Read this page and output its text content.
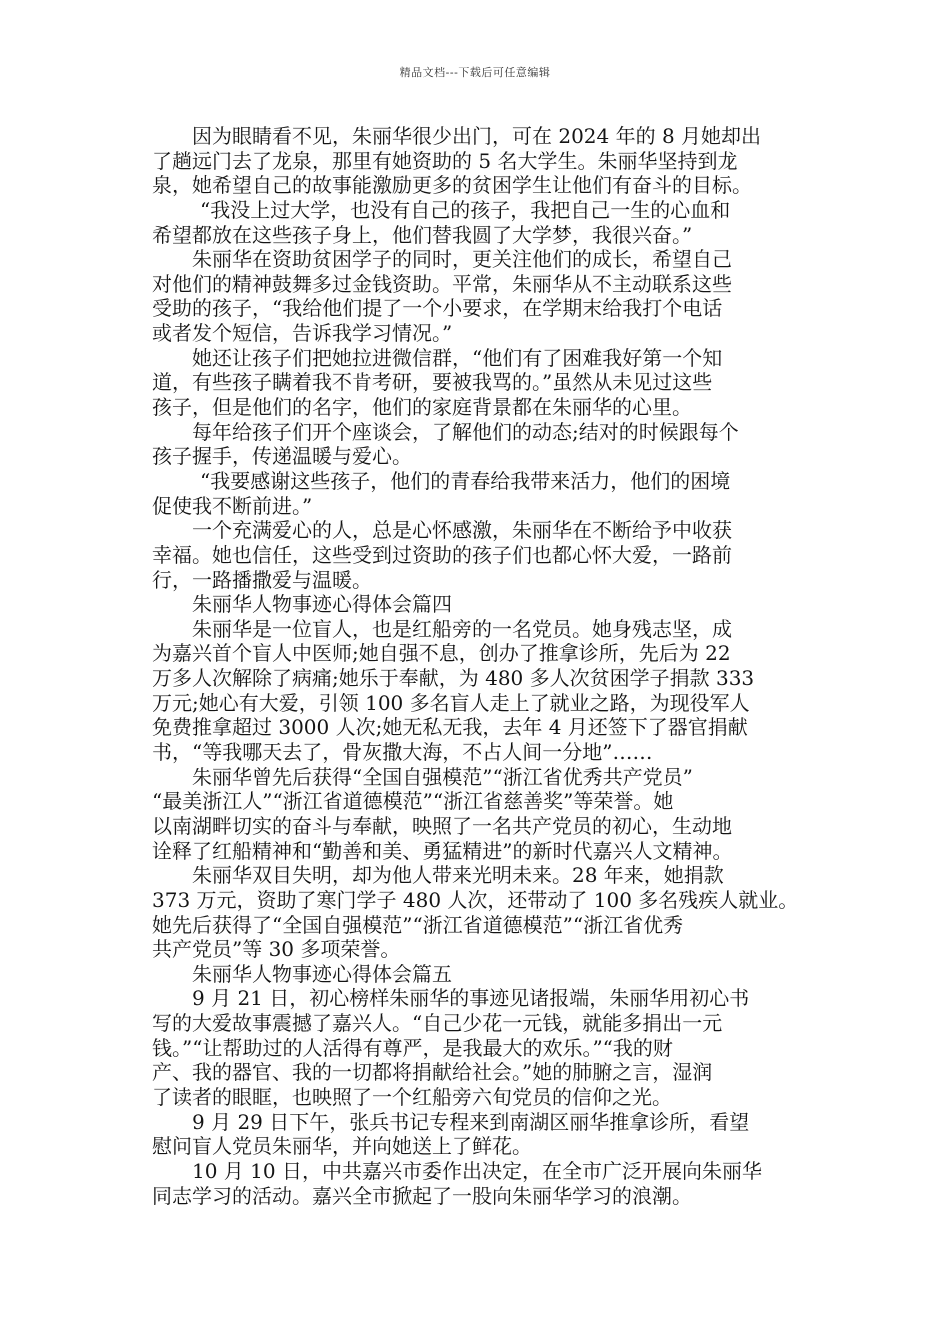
精品文档---下载后可任意编辑
因为眼睛看不见，朱丽华很少出门，可在 2024 年的 8 月她却出
了趟远门去了龙泉，那里有她资助的 5 名大学生。朱丽华坚持到龙
泉，她希望自己的故事能激励更多的贫困学生让他们有奋斗的目标。
“我没上过大学，也没有自己的孩子，我把自己一生的心血和
希望都放在这些孩子身上，他们替我圆了大学梦，我很兴奋。”
朱丽华在资助贫困学子的同时，更关注他们的成长，希望自己
对他们的精神鼓舞多过金钱资助。平常，朱丽华从不主动联系这些
受助的孩子，“我给他们提了一个小要求，在学期末给我打个电话
或者发个短信，告诉我学习情况。”
她还让孩子们把她拉进微信群，“他们有了困难我好第一个知
道，有些孩子瞒着我不肯考研，要被我骂的。”虽然从未见过这些
孩子，但是他们的名字，他们的家庭背景都在朱丽华的心里。
每年给孩子们开个座谈会，了解他们的动态;结对的时候跟每个
孩子握手，传递温暖与爱心。
“我要感谢这些孩子，他们的青春给我带来活力，他们的困境
促使我不断前进。”
一个充满爱心的人，总是心怀感激，朱丽华在不断给予中收获
幸福。她也信任，这些受到过资助的孩子们也都心怀大爱，一路前
行，一路播撒爱与温暖。
朱丽华人物事迹心得体会篇四
朱丽华是一位盲人，也是红船旁的一名党员。她身残志坚，成
为嘉兴首个盲人中医师;她自强不息，创办了推拿诊所，先后为 22
万多人次解除了病痛;她乐于奉献，为 480 多人次贫困学子捐款 333
万元;她心有大爱，引领 100 多名盲人走上了就业之路，为现役军人
免费推拿超过 3000 人次;她无私无我，去年 4 月还签下了器官捐献
书，“等我哪天去了，骨灰撒大海，不占人间一分地”……
朱丽华曾先后获得“全国自强模范”“浙江省优秀共产党员”
“最美浙江人”“浙江省道德模范”“浙江省慈善奖”等荣誉。她
以南湖畔切实的奋斗与奉献，映照了一名共产党员的初心，生动地
诠释了红船精神和“勤善和美、勇猛精进”的新时代嘉兴人文精神。
朱丽华双目失明，却为他人带来光明未来。28 年来，她捐款
373 万元，资助了寒门学子 480 人次，还带动了 100 多名残疾人就业。
她先后获得了“全国自强模范”“浙江省道德模范”“浙江省优秀
共产党员”等 30 多项荣誉。
朱丽华人物事迹心得体会篇五
9 月 21 日，初心榜样朱丽华的事迹见诸报端，朱丽华用初心书
写的大爱故事震撼了嘉兴人。“自己少花一元钱，就能多捐出一元
钱。”“让帮助过的人活得有尊严，是我最大的欢乐。”“我的财
产、我的器官、我的一切都将捐献给社会。”她的肺腑之言，湿润
了读者的眼眶，也映照了一个红船旁六旬党员的信仰之光。
9 月 29 日下午，张兵书记专程来到南湖区丽华推拿诊所，看望
慰问盲人党员朱丽华，并向她送上了鲜花。
10 月 10 日，中共嘉兴市委作出决定，在全市广泛开展向朱丽华
同志学习的活动。嘉兴全市掀起了一股向朱丽华学习的浪潮。
